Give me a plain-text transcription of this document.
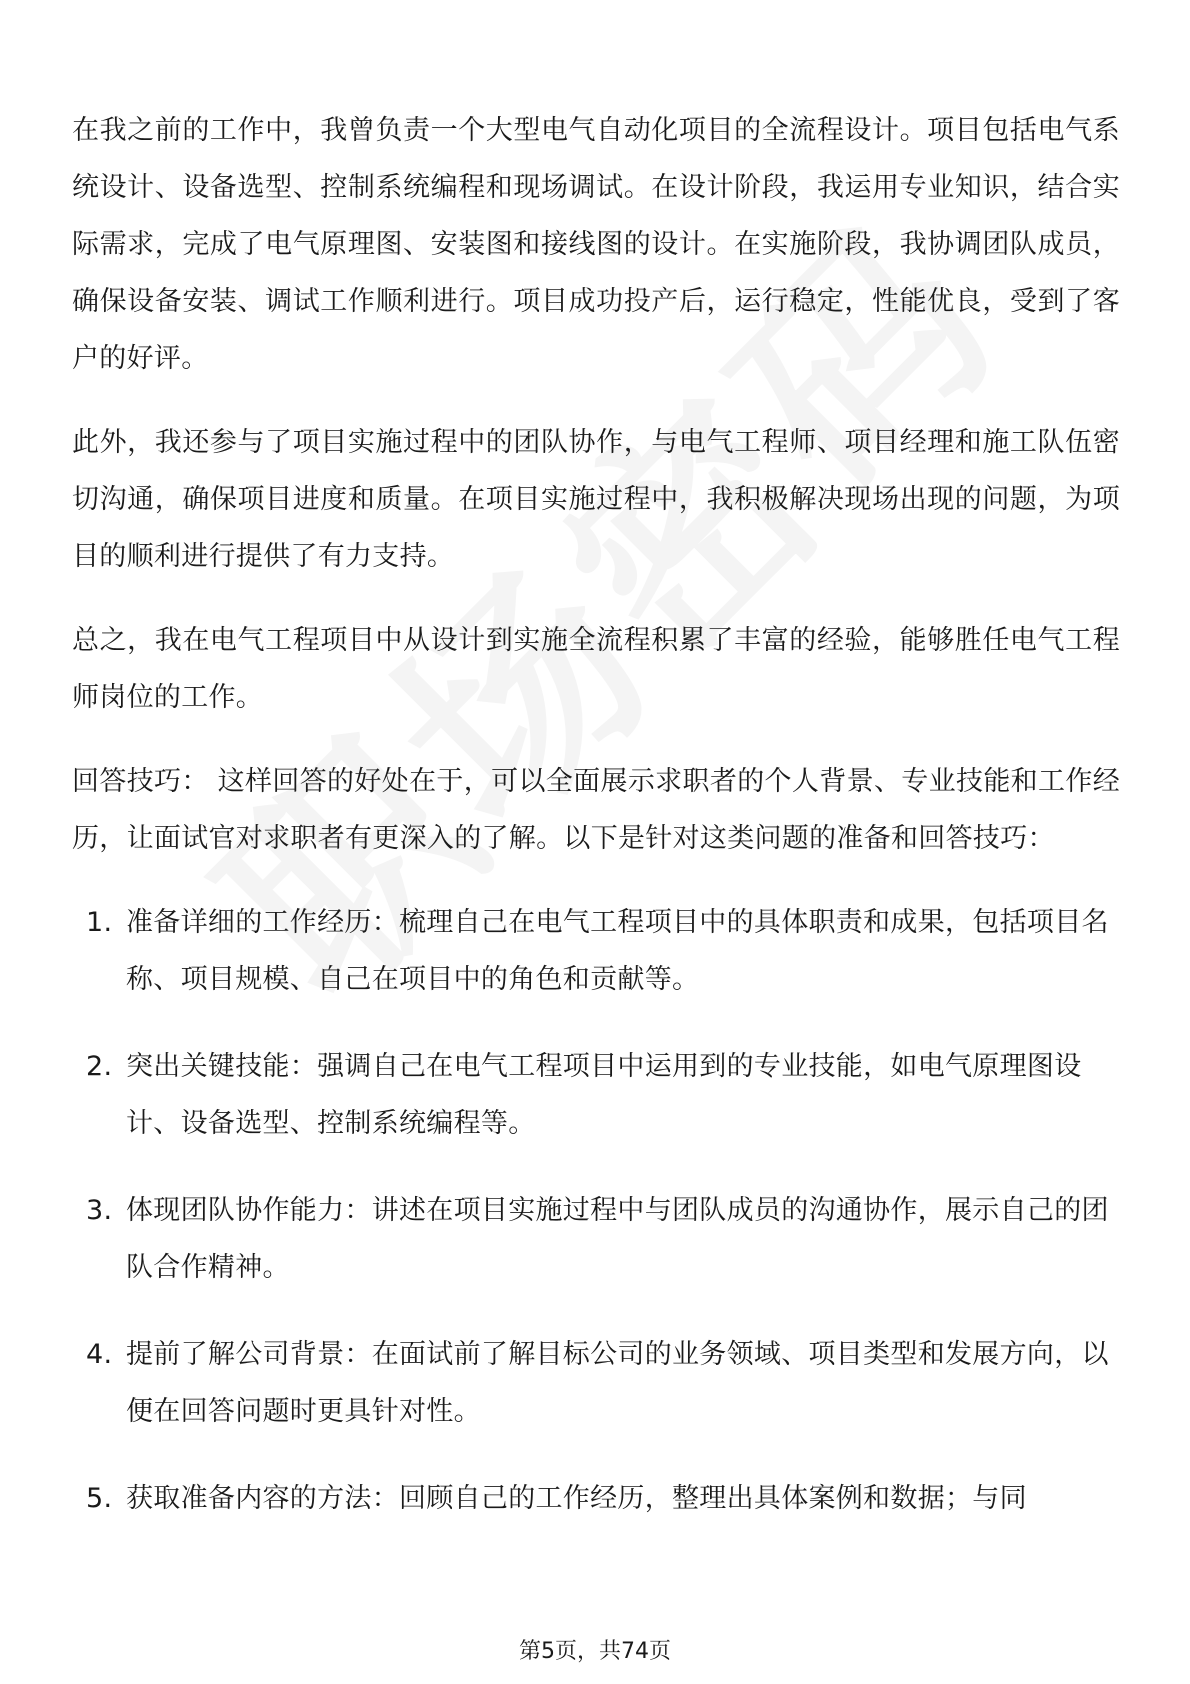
在我之前的工作中，我曾负责一个大型电气自动化项目的全流程设计。项目包括电气系统设计、设备选型、控制系统编程和现场调试。在设计阶段，我运用专业知识，结合实际需求，完成了电气原理图、安装图和接线图的设计。在实施阶段，我协调团队成员，确保设备安装、调试工作顺利进行。项目成功投产后，运行稳定，性能优良，受到了客户的好评。

此外，我还参与了项目实施过程中的团队协作，与电气工程师、项目经理和施工队伍密切沟通，确保项目进度和质量。在项目实施过程中，我积极解决现场出现的问题，为项目的顺利进行提供了有力支持。

总之，我在电气工程项目中从设计到实施全流程积累了丰富的经验，能够胜任电气工程师岗位的工作。

回答技巧： 这样回答的好处在于，可以全面展示求职者的个人背景、专业技能和工作经历，让面试官对求职者有更深入的了解。以下是针对这类问题的准备和回答技巧：

1. 准备详细的工作经历：梳理自己在电气工程项目中的具体职责和成果，包括项目名称、项目规模、自己在项目中的角色和贡献等。
2. 突出关键技能：强调自己在电气工程项目中运用到的专业技能，如电气原理图设计、设备选型、控制系统编程等。
3. 体现团队协作能力：讲述在项目实施过程中与团队成员的沟通协作，展示自己的团队合作精神。
4. 提前了解公司背景：在面试前了解目标公司的业务领域、项目类型和发展方向，以便在回答问题时更具针对性。
5. 获取准备内容的方法：回顾自己的工作经历，整理出具体案例和数据；与同
第5页，共74页
